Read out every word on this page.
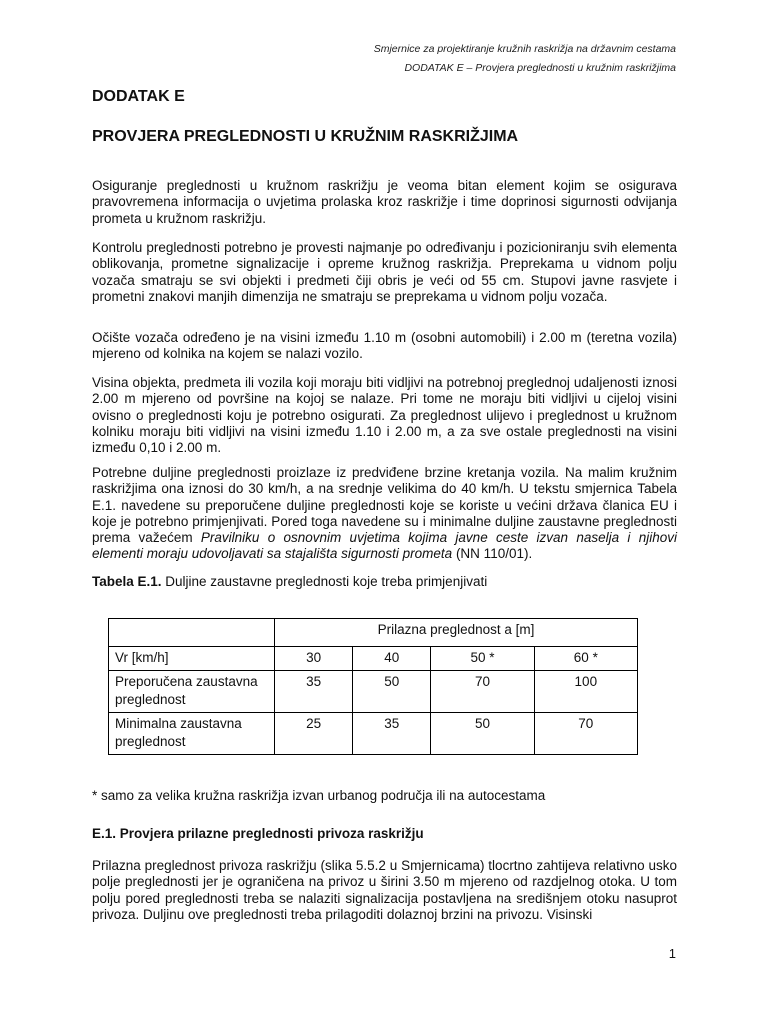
Smjernice za projektiranje kružnih raskrižja na državnim cestama
DODATAK E – Provjera preglednosti u kružnim raskrižjima
DODATAK E
PROVJERA PREGLEDNOSTI U KRUŽNIM RASKRIŽJIMA

Osiguranje preglednosti u kružnom raskrižju je veoma bitan element kojim se osigurava pravovremena informacija o uvjetima prolaska kroz raskrižje i time doprinosi sigurnosti odvijanja prometa u kružnom raskrižju.

Kontrolu preglednosti potrebno je provesti najmanje po određivanju i pozicioniranju svih elementa oblikovanja, prometne signalizacije i opreme kružnog raskrižja. Preprekama u vidnom polju vozača smatraju se svi objekti i predmeti čiji obris je veći od 55 cm. Stupovi javne rasvjete i prometni znakovi manjih dimenzija ne smatraju se preprekama u vidnom polju vozača.

Očište vozača određeno je na visini između 1.10 m (osobni automobili) i 2.00 m (teretna vozila) mjereno od kolnika na kojem se nalazi vozilo.

Visina objekta, predmeta ili vozila koji moraju biti vidljivi na potrebnoj preglednoj udaljenosti iznosi 2.00 m mjereno od površine na kojoj se nalaze. Pri tome ne moraju biti vidljivi u cijeloj visini ovisno o preglednosti koju je potrebno osigurati. Za preglednost ulijevo i preglednost u kružnom kolniku moraju biti vidljivi na visini između 1.10 i 2.00 m, a za sve ostale preglednosti na visini između 0,10 i 2.00 m.

Potrebne duljine preglednosti proizlaze iz predviđene brzine kretanja vozila. Na malim kružnim raskrižjima ona iznosi do 30 km/h, a na srednje velikima do 40 km/h. U tekstu smjernica Tabela E.1. navedene su preporučene duljine preglednosti koje se koriste u većini država članica EU i koje je potrebno primjenjivati. Pored toga navedene su i minimalne duljine zaustavne preglednosti prema važećem Pravilniku o osnovnim uvjetima kojima javne ceste izvan naselja i njihovi elementi moraju udovoljavati sa stajališta sigurnosti prometa (NN 110/01).

Tabela E.1. Duljine zaustavne preglednosti koje treba primjenjivati
	Prilazna preglednost a [m]			
Vr [km/h]	30	40	50 *	60 *
Preporučena zaustavna preglednost	35	50	70	100
Minimalna zaustavna preglednost	25	35	50	70
* samo za velika kružna raskrižja izvan urbanog područja ili na autocestama
E.1. Provjera prilazne preglednosti privoza raskrižju

Prilazna preglednost privoza raskrižju (slika 5.5.2 u Smjernicama) tlocrtno zahtijeva relativno usko polje preglednosti jer je ograničena na privoz u širini 3.50 m mjereno od razdjelnog otoka. U tom polju pored preglednosti treba se nalaziti signalizacija postavljena na središnjem otoku nasuprot privoza. Duljinu ove preglednosti treba prilagoditi dolaznoj brzini na privozu. Visinski

1
